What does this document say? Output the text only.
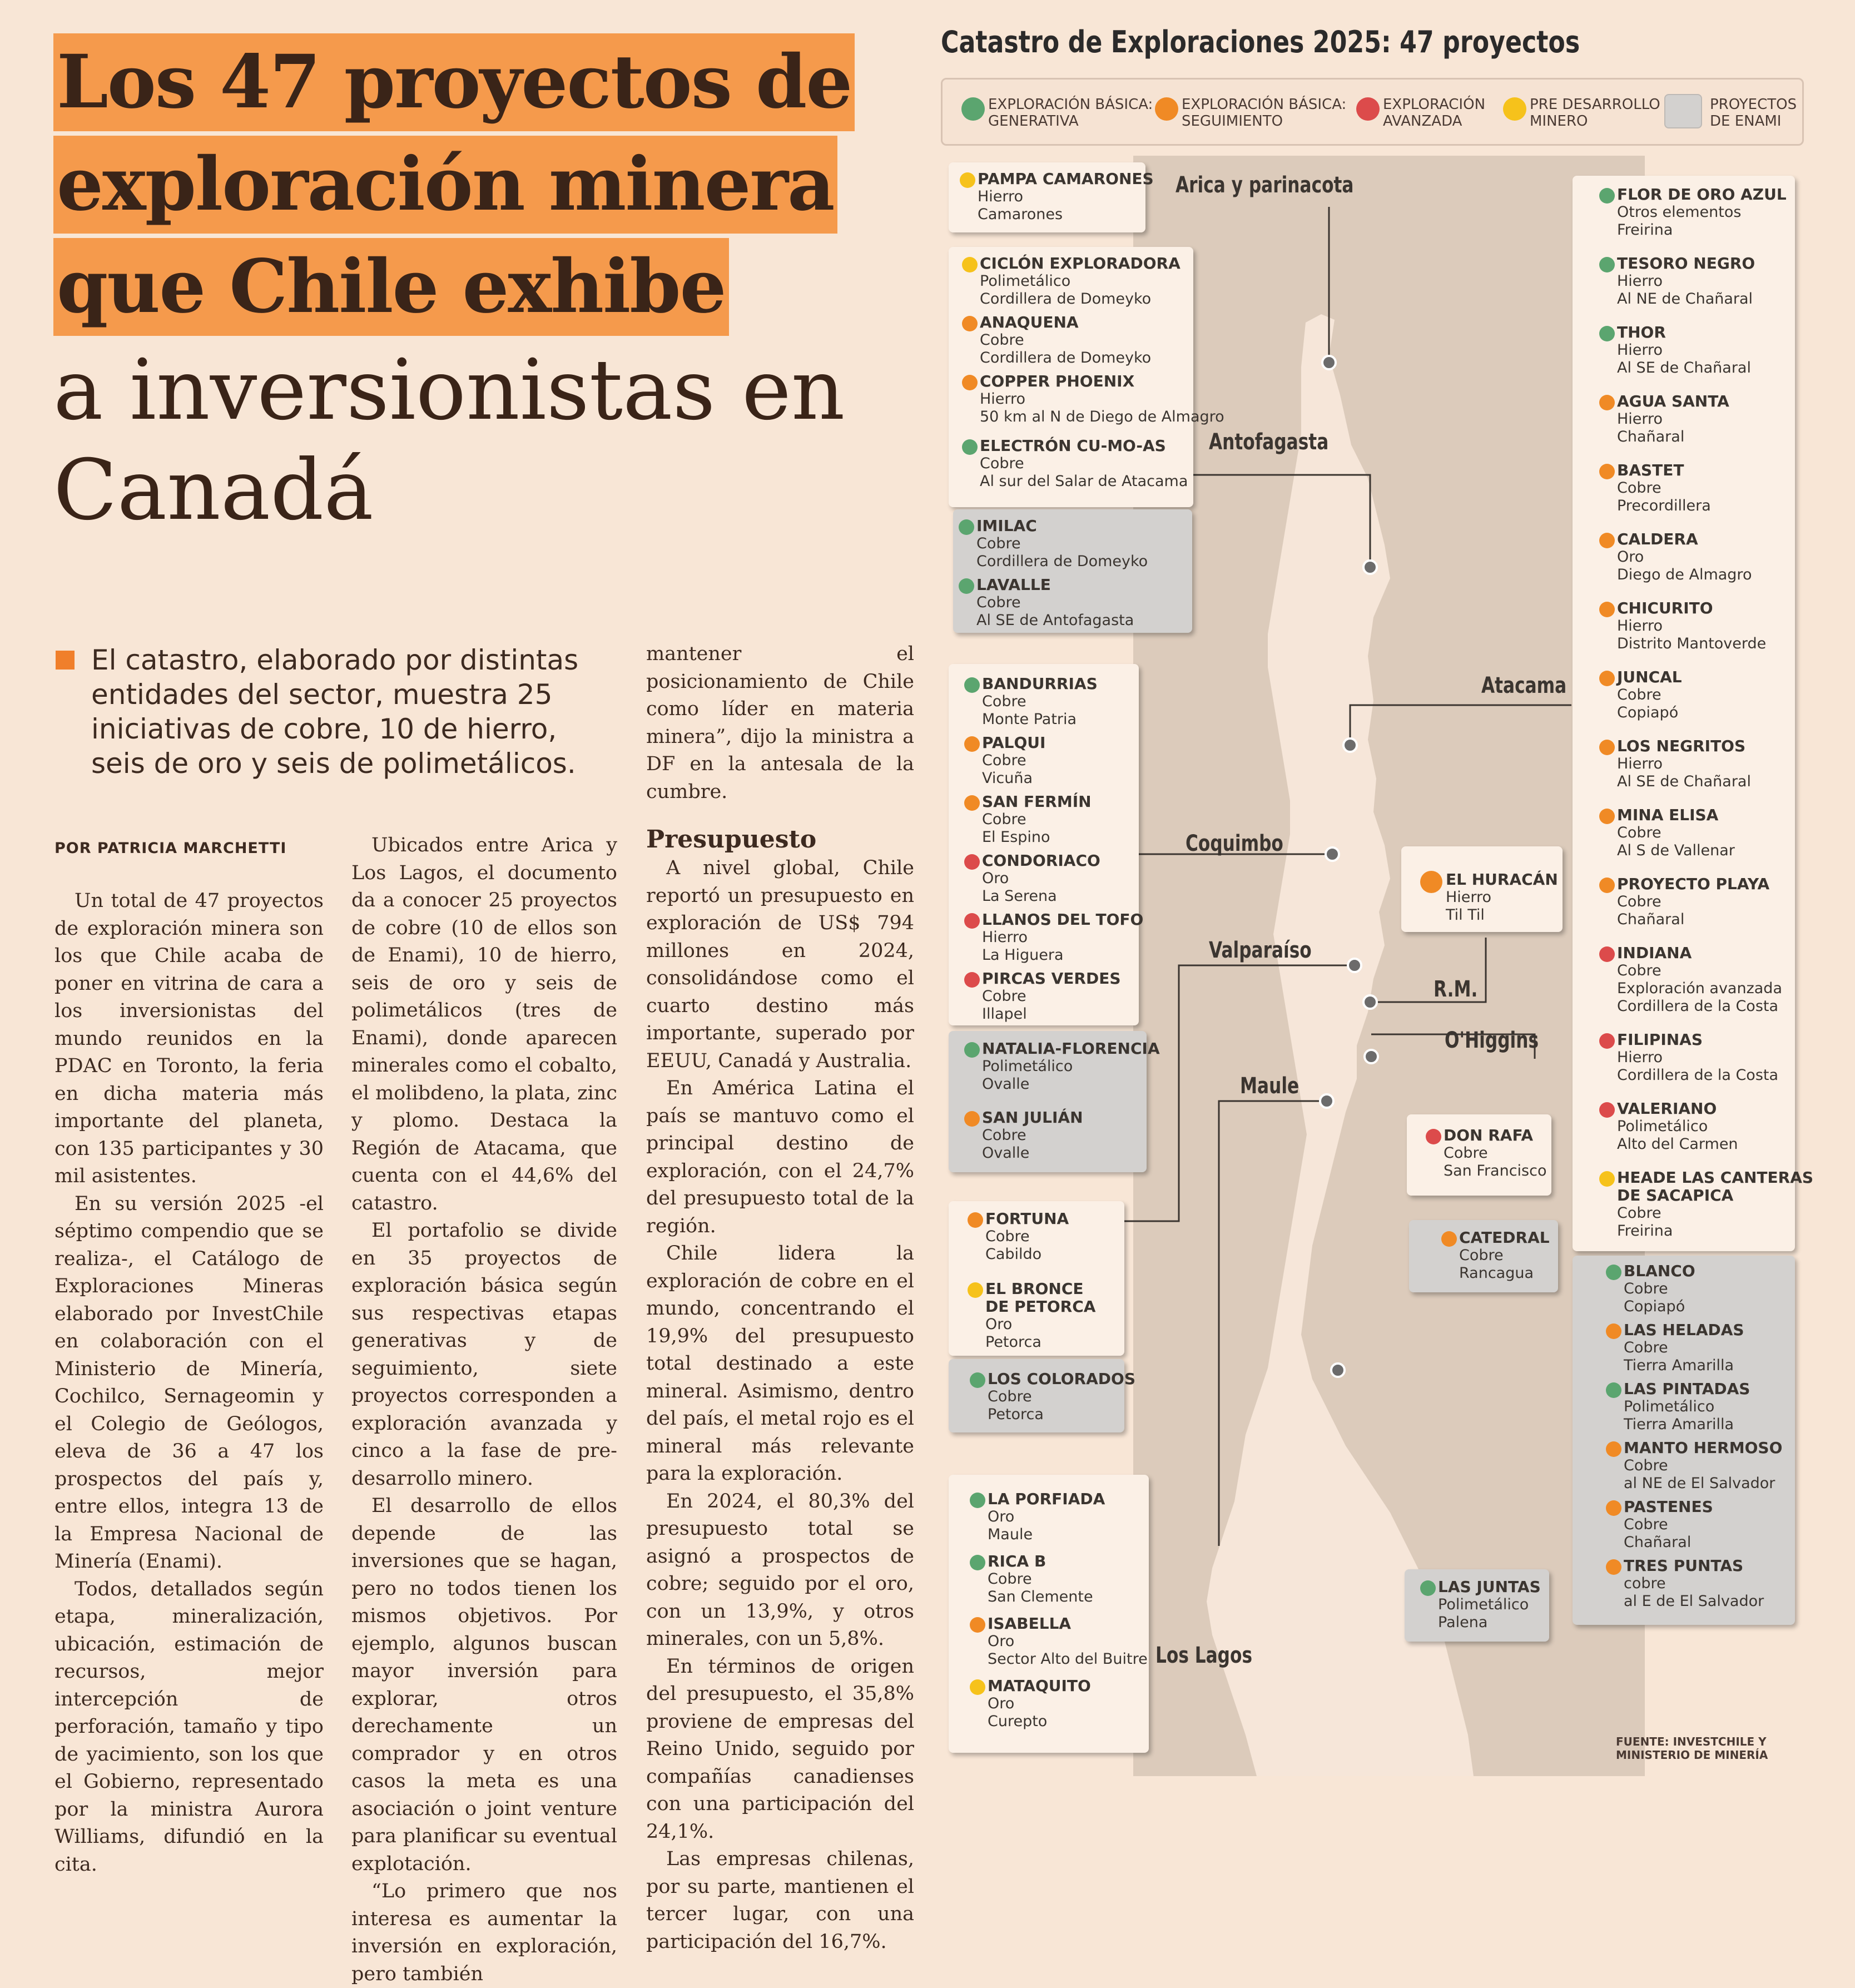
Los 47 proyectos de
exploración minera
que Chile exhibe
a inversionistas en
Canadá

El catastro, elaborado por distintas entidades del sector, muestra 25 iniciativas de cobre, 10 de hierro, seis de oro y seis de polimetálicos.

POR PATRICIA MARCHETTI

Un total de 47 proyectos de exploración minera son los que Chile acaba de poner en vitrina de cara a los inversionistas del mundo reunidos en la PDAC en Toronto, la feria en dicha materia más importante del planeta, con 135 participantes y 30 mil asistentes.

En su versión 2025 -el séptimo compendio que se realiza-, el Catálogo de Exploraciones Mineras elaborado por InvestChile en colaboración con el Ministerio de Minería, Cochilco, Sernageomin y el Colegio de Geólogos, eleva de 36 a 47 los prospectos del país y, entre ellos, integra 13 de la Empresa Nacional de Minería (Enami).

Todos, detallados según etapa, mineralización, ubicación, estimación de recursos, mejor intercepción de perforación, tamaño y tipo de yacimiento, son los que el Gobierno, representado por la ministra Aurora Williams, difundió en la cita.

Ubicados entre Arica y Los Lagos, el documento da a conocer 25 proyectos de cobre (10 de ellos son de Enami), 10 de hierro, seis de oro y seis de polimetálicos (tres de Enami), donde aparecen minerales como el cobalto, el molibdeno, la plata, zinc y plomo. Destaca la Región de Atacama, que cuenta con el 44,6% del catastro.

El portafolio se divide en 35 proyectos de exploración básica según sus respectivas etapas generativas y de seguimiento, siete proyectos corresponden a exploración avanzada y cinco a la fase de pre-desarrollo minero.

El desarrollo de ellos depende de las inversiones que se hagan, pero no todos tienen los mismos objetivos. Por ejemplo, algunos buscan mayor inversión para explorar, otros derechamente un comprador y en otros casos la meta es una asociación o joint venture para planificar su eventual explotación.

“Lo primero que nos interesa es aumentar la inversión en exploración, pero también

mantener el posicionamiento de Chile como líder en materia minera”, dijo la ministra a DF en la antesala de la cumbre.

Presupuesto

A nivel global, Chile reportó un presupuesto en exploración de US$ 794 millones en 2024, consolidándose como el cuarto destino más importante, superado por EEUU, Canadá y Australia.

En América Latina el país se mantuvo como el principal destino de exploración, con el 24,7% del presupuesto total de la región.

Chile lidera la exploración de cobre en el mundo, concentrando el 19,9% del presupuesto total destinado a este mineral. Asimismo, dentro del país, el metal rojo es el mineral más relevante para la exploración.

En 2024, el 80,3% del presupuesto total se asignó a prospectos de cobre; seguido por el oro, con un 13,9%, y otros minerales, con un 5,8%.

En términos de origen del presupuesto, el 35,8% proviene de empresas del Reino Unido, seguido por compañías canadienses con una participación del 24,1%.

Las empresas chilenas, por su parte, mantienen el tercer lugar, con una participación del 16,7%.

Catastro de Exploraciones 2025: 47 proyectos
EXPLORACIÓN BÁSICA:
GENERATIVA
EXPLORACIÓN BÁSICA:
SEGUIMIENTO
EXPLORACIÓN
AVANZADA
PRE DESARROLLO
MINERO
PROYECTOS
DE ENAMI
Arica y parinacota
Antofagasta
Atacama
Coquimbo
Valparaíso
R.M.
O'Higgins
Maule
Los Lagos
PAMPA CAMARONES
Hierro
Camarones
CICLÓN EXPLORADORA
Polimetálico
Cordillera de Domeyko
ANAQUENA
Cobre
Cordillera de Domeyko
COPPER PHOENIX
Hierro
50 km al N de Diego de Almagro
ELECTRÓN CU-MO-AS
Cobre
Al sur del Salar de Atacama
IMILAC
Cobre
Cordillera de Domeyko
LAVALLE
Cobre
Al SE de Antofagasta
BANDURRIAS
Cobre
Monte Patria
PALQUI
Cobre
Vicuña
SAN FERMÍN
Cobre
El Espino
CONDORIACO
Oro
La Serena
LLANOS DEL TOFO
Hierro
La Higuera
PIRCAS VERDES
Cobre
Illapel
NATALIA-FLORENCIA
Polimetálico
Ovalle
SAN JULIÁN
Cobre
Ovalle
FORTUNA
Cobre
Cabildo
EL BRONCE
DE PETORCA
Oro
Petorca
LOS COLORADOS
Cobre
Petorca
LA PORFIADA
Oro
Maule
RICA B
Cobre
San Clemente
ISABELLA
Oro
Sector Alto del Buitre
MATAQUITO
Oro
Curepto
EL HURACÁN
Hierro
Til Til
DON RAFA
Cobre
San Francisco
CATEDRAL
Cobre
Rancagua
LAS JUNTAS
Polimetálico
Palena
FLOR DE ORO AZUL
Otros elementos
Freirina
TESORO NEGRO
Hierro
Al NE de Chañaral
THOR
Hierro
Al SE de Chañaral
AGUA SANTA
Hierro
Chañaral
BASTET
Cobre
Precordillera
CALDERA
Oro
Diego de Almagro
CHICURITO
Hierro
Distrito Mantoverde
JUNCAL
Cobre
Copiapó
LOS NEGRITOS
Hierro
Al SE de Chañaral
MINA ELISA
Cobre
Al S de Vallenar
PROYECTO PLAYA
Cobre
Chañaral
INDIANA
Cobre
Exploración avanzada
Cordillera de la Costa
FILIPINAS
Hierro
Cordillera de la Costa
VALERIANO
Polimetálico
Alto del Carmen
HEADE LAS CANTERAS
DE SACAPICA
Cobre
Freirina
BLANCO
Cobre
Copiapó
LAS HELADAS
Cobre
Tierra Amarilla
LAS PINTADAS
Polimetálico
Tierra Amarilla
MANTO HERMOSO
Cobre
al NE de El Salvador
PASTENES
Cobre
Chañaral
TRES PUNTAS
cobre
al E de El Salvador
FUENTE: INVESTCHILE Y
MINISTERIO DE MINERÍA
